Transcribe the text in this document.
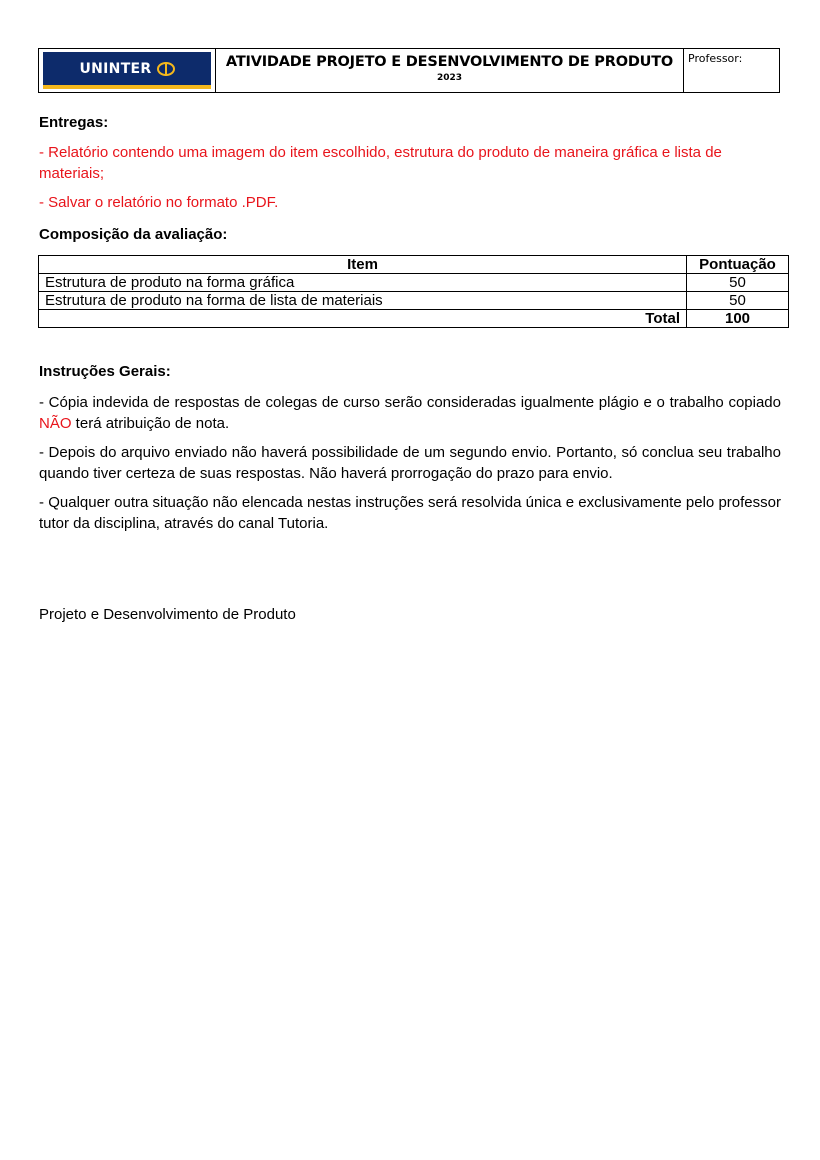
UNINTER	ATIVIDADE PROJETO E DESENVOLVIMENTO DE PRODUTO
2023
Professor:
Entregas:
- Relatório contendo uma imagem do item escolhido, estrutura do produto de maneira gráfica e lista de materiais;
- Salvar o relatório no formato .PDF.
Composição da avaliação:
Item	Pontuação
Estrutura de produto na forma gráfica	50
Estrutura de produto na forma de lista de materiais	50
Total	100
Instruções Gerais:
- Cópia indevida de respostas de colegas de curso serão consideradas igualmente plágio e o trabalho copiado NÃO terá atribuição de nota.
- Depois do arquivo enviado não haverá possibilidade de um segundo envio. Portanto, só conclua seu trabalho quando tiver certeza de suas respostas. Não haverá prorrogação do prazo para envio.
- Qualquer outra situação não elencada nestas instruções será resolvida única e exclusivamente pelo professor tutor da disciplina, através do canal Tutoria.
Projeto e Desenvolvimento de Produto
